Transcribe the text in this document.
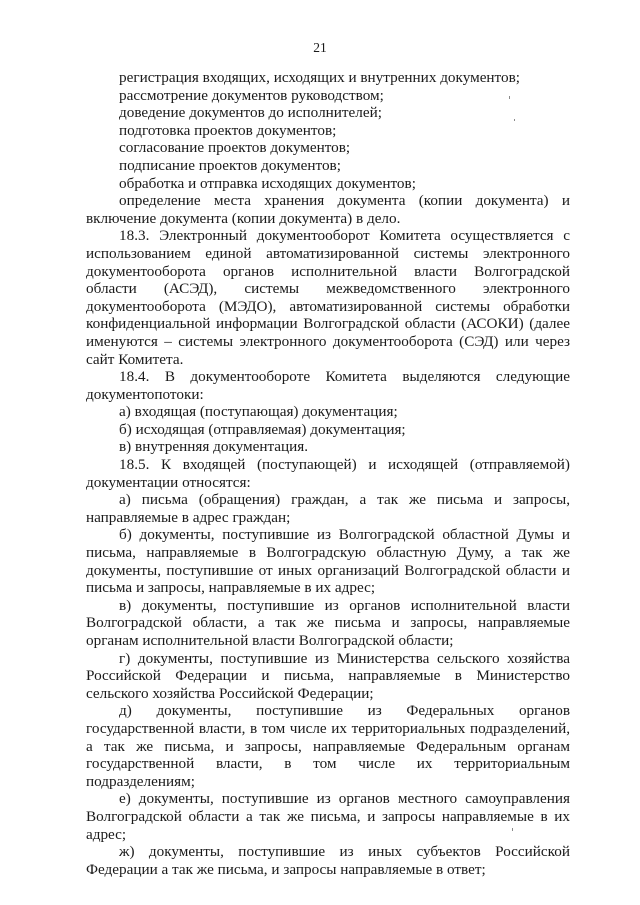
21

регистрация входящих, исходящих и внутренних документов;

рассмотрение документов руководством;

доведение документов до исполнителей;

подготовка проектов документов;

согласование проектов документов;

подписание проектов документов;

обработка и отправка исходящих документов;

определение места хранения документа (копии документа) и включение документа (копии документа) в дело.

18.3. Электронный документооборот Комитета осуществляется с использованием единой автоматизированной системы электронного документооборота органов исполнительной власти Волгоградской области (АСЭД), системы межведомственного электронного документооборота (МЭДО), автоматизированной системы обработки конфиденциальной информации Волгоградской области (АСОКИ) (далее именуются – системы электронного документооборота (СЭД) или через сайт Комитета.

18.4. В документообороте Комитета выделяются следующие документопотоки:

а) входящая (поступающая) документация;

б) исходящая (отправляемая) документация;

в) внутренняя документация.

18.5. К входящей (поступающей) и исходящей (отправляемой) документации относятся:

а) письма (обращения) граждан, а так же письма и запросы, направляемые в адрес граждан;

б) документы, поступившие из Волгоградской областной Думы и письма, направляемые в Волгоградскую областную Думу, а так же документы, поступившие от иных организаций Волгоградской области и письма и запросы, направляемые в их адрес;

в) документы, поступившие из органов исполнительной власти Волгоградской области, а так же письма и запросы, направляемые органам исполнительной власти Волгоградской области;

г) документы, поступившие из Министерства сельского хозяйства Российской Федерации и письма, направляемые в Министерство сельского хозяйства Российской Федерации;

д) документы, поступившие из Федеральных органов государственной власти, в том числе их территориальных подразделений, а так же письма, и запросы, направляемые Федеральным органам государственной власти, в том числе их территориальным подразделениям;

е) документы, поступившие из органов местного самоуправления Волгоградской области а так же письма, и запросы направляемые в их адрес;

ж) документы, поступившие из иных субъектов Российской Федерации а так же письма, и запросы направляемые в ответ;
